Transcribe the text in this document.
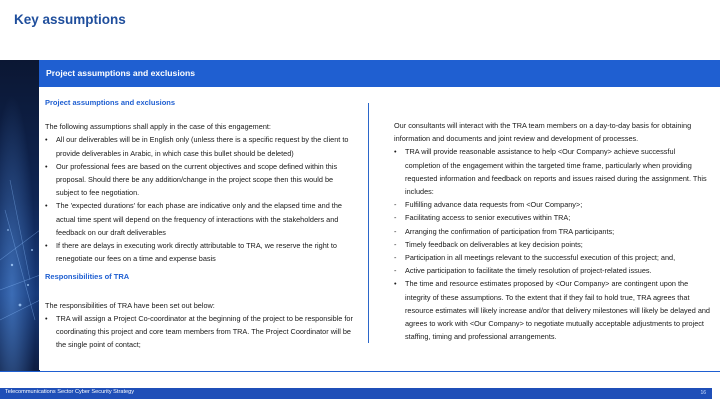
Key assumptions
Project assumptions and exclusions
Project assumptions and exclusions
The following assumptions shall apply in the case of this engagement:
• All our deliverables will be in English only (unless there is a specific request by the client to provide deliverables in Arabic, in which case this bullet should be deleted)
• Our professional fees are based on the current objectives and scope defined within this proposal. Should there be any addition/change in the project scope then this would be subject to fee negotiation.
• The 'expected durations' for each phase are indicative only and the elapsed time and the actual time spent will depend on the frequency of interactions with the stakeholders and feedback on our draft deliverables
• If there are delays in executing work directly attributable to TRA, we reserve the right to renegotiate our fees on a time and expense basis
Responsibilities of TRA
The responsibilities of TRA have been set out below:
• TRA will assign a Project Co-coordinator at the beginning of the project to be responsible for coordinating this project and core team members from TRA. The Project Coordinator will be the single point of contact;
Our consultants will interact with the TRA team members on a day-to-day basis for obtaining information and documents and joint review and development of processes.
• TRA will provide reasonable assistance to help <Our Company> achieve successful completion of the engagement within the targeted time frame, particularly when providing requested information and feedback on reports and issues raised during the assignment. This includes:
- Fulfilling advance data requests from <Our Company>;
- Facilitating access to senior executives within TRA;
- Arranging the confirmation of participation from TRA participants;
- Timely feedback on deliverables at key decision points;
- Participation in all meetings relevant to the successful execution of this project; and,
- Active participation to facilitate the timely resolution of project-related issues.
• The time and resource estimates proposed by <Our Company> are contingent upon the integrity of these assumptions. To the extent that if they fail to hold true, TRA agrees that resource estimates will likely increase and/or that delivery milestones will likely be delayed and agrees to work with <Our Company> to negotiate mutually acceptable adjustments to project staffing, timing and professional arrangements.
Telecommunications Sector Cyber Security Strategy	16
